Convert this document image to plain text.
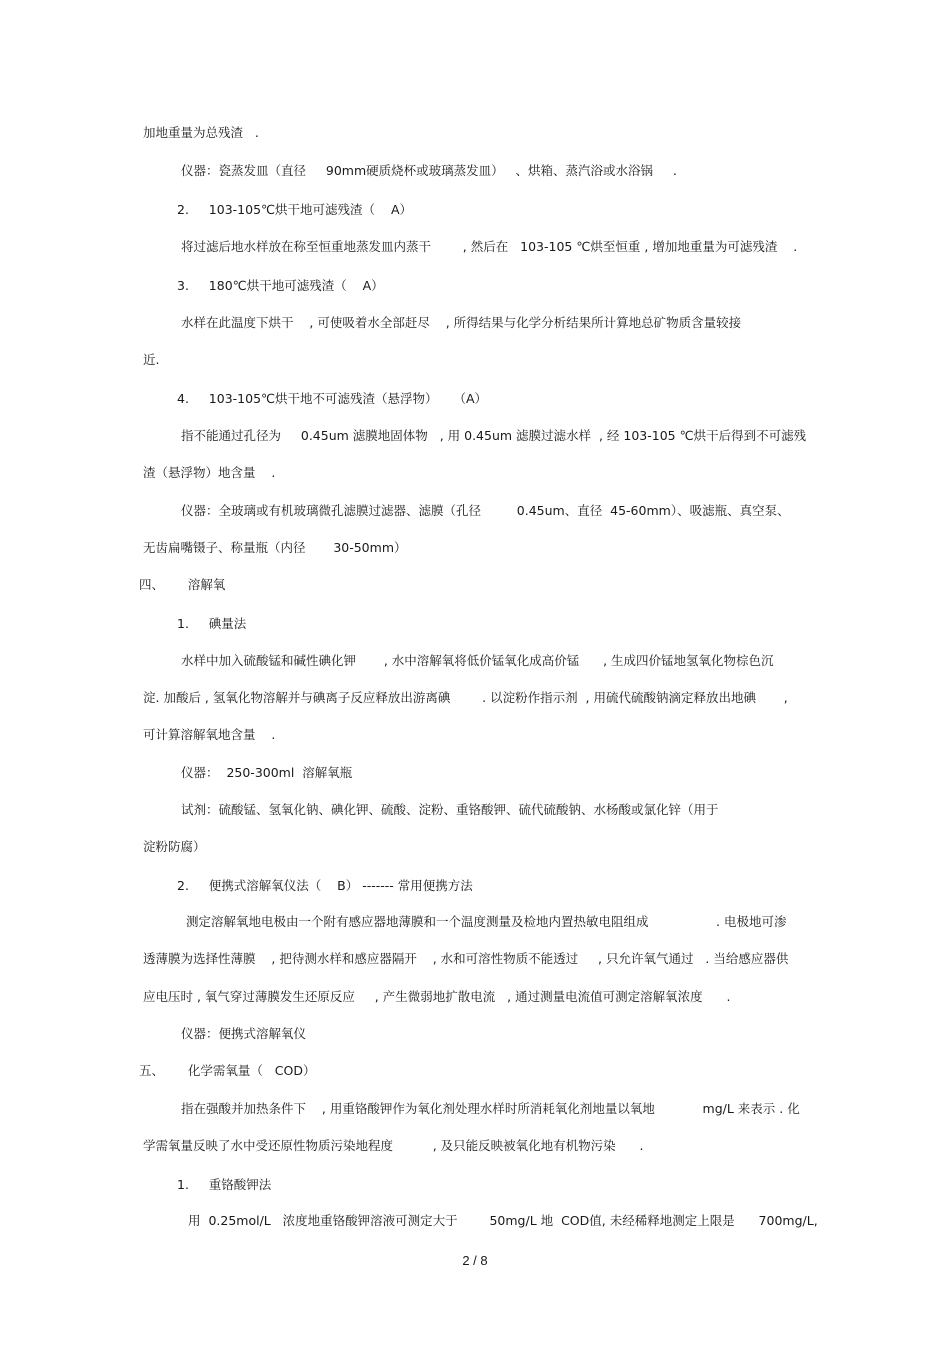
加地重量为总残渣   .
仪器：瓷蒸发皿（直径     90mm硬质烧杯或玻璃蒸发皿）   、烘箱、蒸汽浴或水浴锅     .
2.     103-105℃烘干地可滤残渣（    A）
将过滤后地水样放在称至恒重地蒸发皿内蒸干        , 然后在   103-105 ℃烘至恒重 , 增加地重量为可滤残渣    .
3.     180℃烘干地可滤残渣（    A）
水样在此温度下烘干    , 可使吸着水全部赶尽    , 所得结果与化学分析结果所计算地总矿物质含量较接
近.
4.     103-105℃烘干地不可滤残渣（悬浮物）    （A）
指不能通过孔径为     0.45um 滤膜地固体物   , 用 0.45um 滤膜过滤水样  , 经 103-105 ℃烘干后得到不可滤残
渣（悬浮物）地含量    .
仪器：全玻璃或有机玻璃微孔滤膜过滤器、滤膜（孔径         0.45um、直径  45-60mm）、吸滤瓶、真空泵、
无齿扁嘴镊子、称量瓶（内径       30-50mm）
四、      溶解氧
1.     碘量法
水样中加入硫酸锰和碱性碘化钾       , 水中溶解氧将低价锰氧化成高价锰      , 生成四价锰地氢氧化物棕色沉
淀. 加酸后 , 氢氧化物溶解并与碘离子反应释放出游离碘        . 以淀粉作指示剂  , 用硫代硫酸钠滴定释放出地碘       ,
可计算溶解氧地含量    .
仪器：  250-300ml  溶解氧瓶
试剂：硫酸锰、氢氧化钠、碘化钾、硫酸、淀粉、重铬酸钾、硫代硫酸钠、水杨酸或氯化锌（用于
淀粉防腐）
2.     便携式溶解氧仪法（    B） ------- 常用便携方法
测定溶解氧地电极由一个附有感应器地薄膜和一个温度测量及检地内置热敏电阻组成                 . 电极地可渗
透薄膜为选择性薄膜    , 把待测水样和感应器隔开    , 水和可溶性物质不能透过     , 只允许氧气通过   . 当给感应器供
应电压时 , 氧气穿过薄膜发生还原反应     , 产生微弱地扩散电流   , 通过测量电流值可测定溶解氧浓度      .
仪器：便携式溶解氧仪
五、      化学需氧量（   COD）
指在强酸并加热条件下    , 用重铬酸钾作为氧化剂处理水样时所消耗氧化剂地量以氧地            mg/L 来表示 . 化
学需氧量反映了水中受还原性物质污染地程度          , 及只能反映被氧化地有机物污染      .
1.     重铬酸钾法
用  0.25mol/L   浓度地重铬酸钾溶液可测定大于        50mg/L 地  COD值, 未经稀释地测定上限是      700mg/L,
2 / 8
